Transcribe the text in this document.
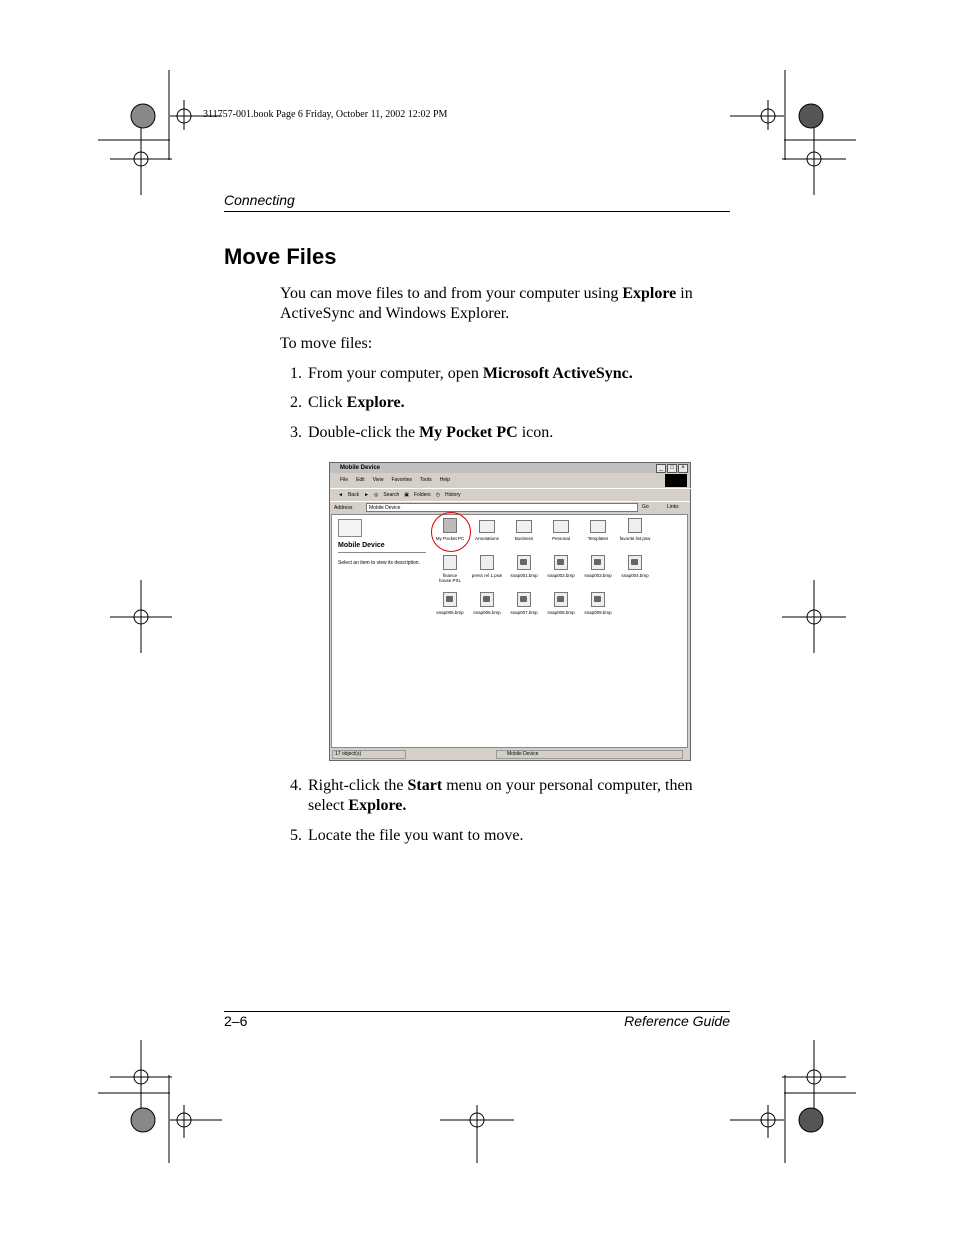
311757-001.book Page 6 Friday, October 11, 2002 12:02 PM
Connecting
Move Files
You can move files to and from your computer using Explore in ActiveSync and Windows Explorer.
To move files:
1. From your computer, open Microsoft ActiveSync.
2. Click Explore.
3. Double-click the My Pocket PC icon.
Mobile Device	_	□	×
File Edit View Favorites Tools Help
◄ Back ► ◎ Search ▣ Folders ◷ History
Address	Mobile Device	Go	Links
Mobile Device
Select an item to view its description.
My Pocket PC	Annotations	Business	Personal	Templates	favorite list.psw
finance house.PXL
press rel 1.psw	snap001.bmp	snap002.bmp	snap003.bmp	snap004.bmp
snap005.bmp	snap006.bmp	snap007.bmp	snap008.bmp	snap009.bmp
17 object(s)	Mobile Device
4. Right-click the Start menu on your personal computer, then
select Explore.
5. Locate the file you want to move.
2–6	Reference Guide
